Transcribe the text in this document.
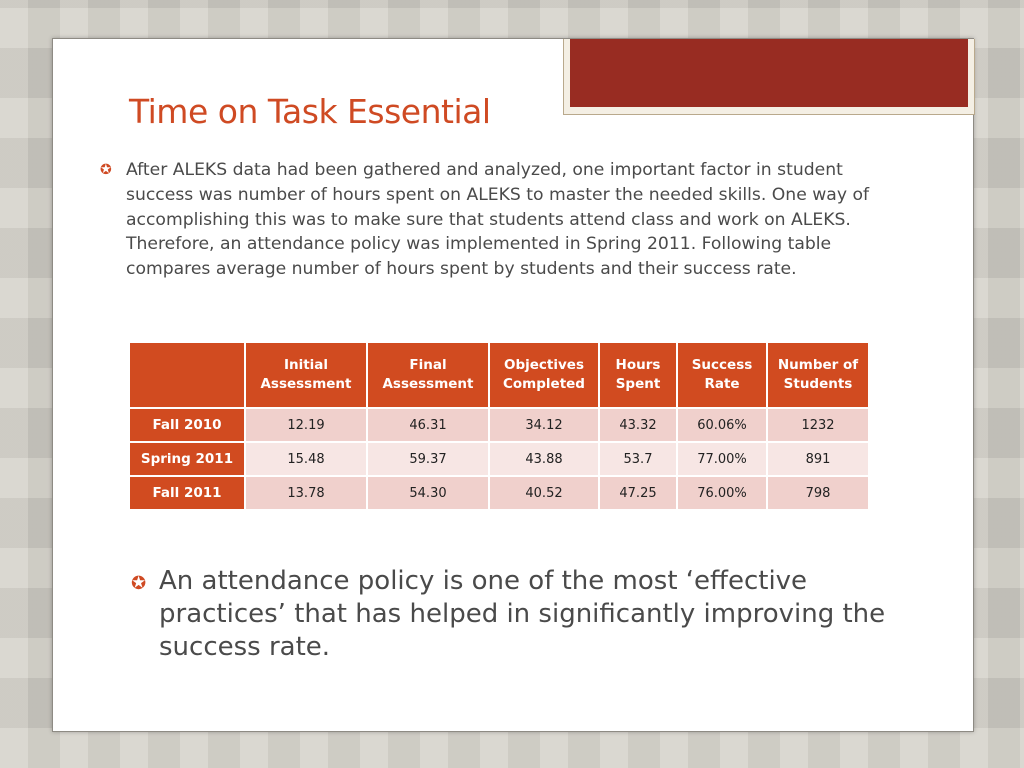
Time on Task Essential
✪ After ALEKS data had been gathered and analyzed, one important factor in student success was number of hours spent on ALEKS to master the needed skills. One way of accomplishing this was to make sure that students attend class and work on ALEKS. Therefore, an attendance policy was implemented in Spring 2011. Following table compares average number of hours spent by students and their success rate.

	Initial Assessment	Final Assessment	Objectives Completed	Hours Spent	Success Rate	Number of Students
Fall 2010	12.19	46.31	34.12	43.32	60.06%	1232
Spring 2011	15.48	59.37	43.88	53.7	77.00%	891
Fall 2011	13.78	54.30	40.52	47.25	76.00%	798
✪ An attendance policy is one of the most ‘effective practices’ that has helped in significantly improving the success rate.
